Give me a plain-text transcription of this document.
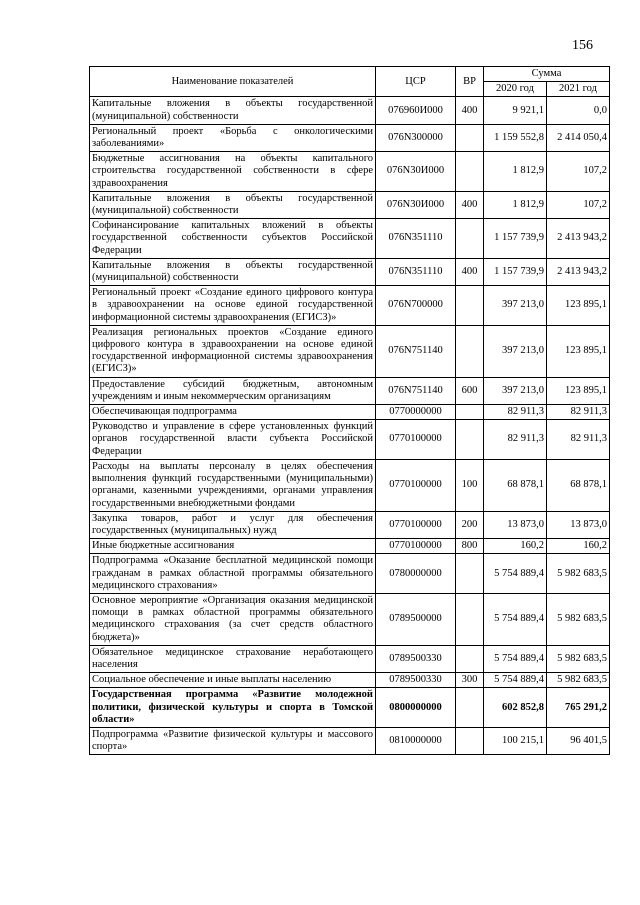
156
Наименование показателей	ЦСР	ВР	Сумма	
			2020 год	2021 год
Капитальные вложения в объекты государственной (муниципальной) собственности	076960И000	400	9 921,1	0,0
Региональный проект «Борьба с онкологическими заболеваниями»	076N300000		1 159 552,8	2 414 050,4
Бюджетные ассигнования на объекты капитального строительства государственной собственности в сфере здравоохранения	076N30И000		1 812,9	107,2
Капитальные вложения в объекты государственной (муниципальной) собственности	076N30И000	400	1 812,9	107,2
Софинансирование капитальных вложений в объекты государственной собственности субъектов Российской Федерации	076N351110		1 157 739,9	2 413 943,2
Капитальные вложения в объекты государственной (муниципальной) собственности	076N351110	400	1 157 739,9	2 413 943,2
Региональный проект «Создание единого цифрового контура в здравоохранении на основе единой государственной информационной системы здравоохранения (ЕГИСЗ)»	076N700000		397 213,0	123 895,1
Реализация региональных проектов «Создание единого цифрового контура в здравоохранении на основе единой государственной информационной системы здравоохранения (ЕГИСЗ)»	076N751140		397 213,0	123 895,1
Предоставление субсидий бюджетным, автономным учреждениям и иным некоммерческим организациям	076N751140	600	397 213,0	123 895,1
Обеспечивающая подпрограмма	0770000000		82 911,3	82 911,3
Руководство и управление в сфере установленных функций органов государственной власти субъекта Российской Федерации	0770100000		82 911,3	82 911,3
Расходы на выплаты персоналу в целях обеспечения выполнения функций государственными (муниципальными) органами, казенными учреждениями, органами управления государственными внебюджетными фондами	0770100000	100	68 878,1	68 878,1
Закупка товаров, работ и услуг для обеспечения государственных (муниципальных) нужд	0770100000	200	13 873,0	13 873,0
Иные бюджетные ассигнования	0770100000	800	160,2	160,2
Подпрограмма «Оказание бесплатной медицинской помощи гражданам в рамках областной программы обязательного медицинского страхования»	0780000000		5 754 889,4	5 982 683,5
Основное мероприятие «Организация оказания медицинской помощи в рамках областной программы обязательного медицинского страхования (за счет средств областного бюджета)»	0789500000		5 754 889,4	5 982 683,5
Обязательное медицинское страхование неработающего населения	0789500330		5 754 889,4	5 982 683,5
Социальное обеспечение и иные выплаты населению	0789500330	300	5 754 889,4	5 982 683,5
Государственная программа «Развитие молодежной политики, физической культуры и спорта в Томской области»	0800000000		602 852,8	765 291,2
Подпрограмма «Развитие физической культуры и массового спорта»	0810000000		100 215,1	96 401,5
